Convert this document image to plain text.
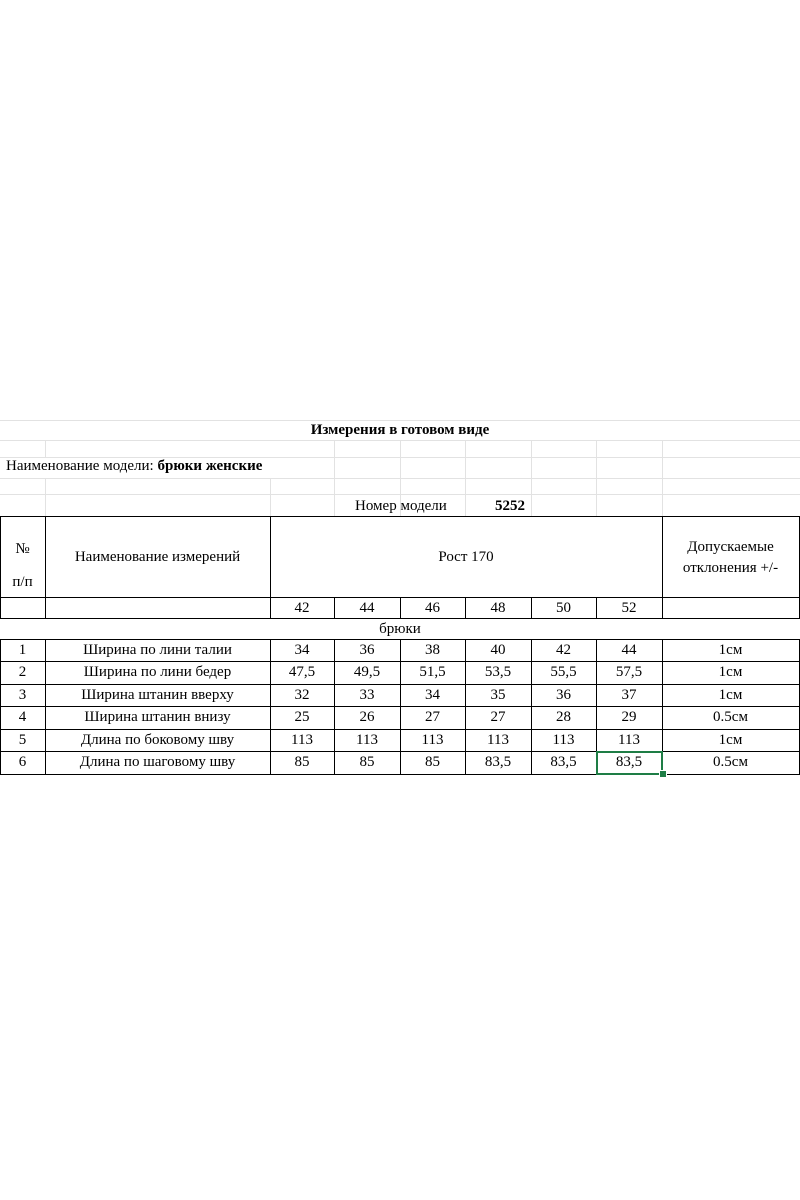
Измерения в готовом виде
Наименование модели: брюки женские
Номер модели	5252
№
п/п
Наименование измерений	Рост 170
Допускаемые
отклонения +/-
42	44	46	48	50	52
брюки
1	Ширина по лини талии	34	36	38	40	42	44	1см
2	Ширина по лини бедер	47,5	49,5	51,5	53,5	55,5	57,5	1см
3	Ширина штанин вверху	32	33	34	35	36	37	1см
4	Ширина штанин внизу	25	26	27	27	28	29	0.5см
5	Длина по боковому шву	113	113	113	113	113	113	1см
6	Длина по шаговому шву	85	85	85	83,5	83,5	83,5	0.5см
